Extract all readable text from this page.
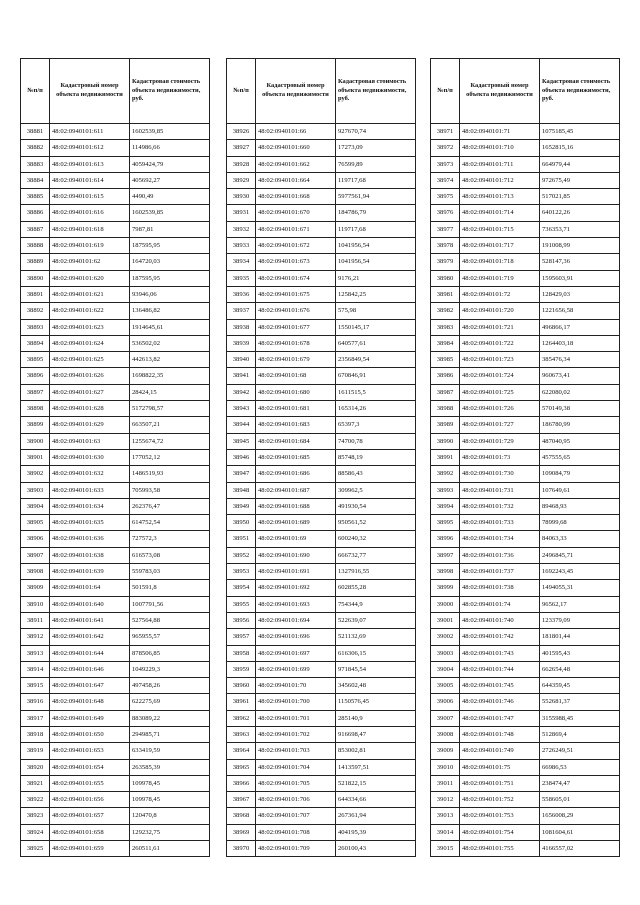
№п/п	Кадастровый номер объекта недвижимости	Кадастровая стоимость объекта недвижимости, руб.
38881	48:02:0940101:611	1602539,85
38882	48:02:0940101:612	114986,66
38883	48:02:0940101:613	4059424,79
38884	48:02:0940101:614	405692,27
38885	48:02:0940101:615	4490,49
38886	48:02:0940101:616	1602539,85
38887	48:02:0940101:618	7987,81
38888	48:02:0940101:619	187595,95
38889	48:02:0940101:62	164720,03
38890	48:02:0940101:620	187595,95
38891	48:02:0940101:621	93946,06
38892	48:02:0940101:622	136486,82
38893	48:02:0940101:623	1914645,61
38894	48:02:0940101:624	536502,02
38895	48:02:0940101:625	442613,82
38896	48:02:0940101:626	1698822,35
38897	48:02:0940101:627	28424,15
38898	48:02:0940101:628	5172798,57
38899	48:02:0940101:629	663507,21
38900	48:02:0940101:63	1255674,72
38901	48:02:0940101:630	177052,12
38902	48:02:0940101:632	1486519,93
38903	48:02:0940101:633	705993,58
38904	48:02:0940101:634	262376,47
38905	48:02:0940101:635	614752,54
38906	48:02:0940101:636	727572,3
38907	48:02:0940101:638	616573,08
38908	48:02:0940101:639	559783,03
38909	48:02:0940101:64	501591,8
38910	48:02:0940101:640	1007791,56
38911	48:02:0940101:641	527564,88
38912	48:02:0940101:642	965955,57
38913	48:02:0940101:644	878506,85
38914	48:02:0940101:646	1049229,3
38915	48:02:0940101:647	497458,26
38916	48:02:0940101:648	622275,69
38917	48:02:0940101:649	883089,22
38918	48:02:0940101:650	294985,71
38919	48:02:0940101:653	633419,59
38920	48:02:0940101:654	263585,39
38921	48:02:0940101:655	109978,45
38922	48:02:0940101:656	109978,45
38923	48:02:0940101:657	120470,8
38924	48:02:0940101:658	129232,75
38925	48:02:0940101:659	260511,61
№п/п	Кадастровый номер объекта недвижимости	Кадастровая стоимость объекта недвижимости, руб.
38926	48:02:0940101:66	927670,74
38927	48:02:0940101:660	17273,09
38928	48:02:0940101:662	76599,89
38929	48:02:0940101:664	119717,68
38930	48:02:0940101:668	5977561,94
38931	48:02:0940101:670	184786,79
38932	48:02:0940101:671	119717,68
38933	48:02:0940101:672	1041956,54
38934	48:02:0940101:673	1041956,54
38935	48:02:0940101:674	9176,21
38936	48:02:0940101:675	125842,25
38937	48:02:0940101:676	575,98
38938	48:02:0940101:677	1550145,17
38939	48:02:0940101:678	640577,61
38940	48:02:0940101:679	2356849,54
38941	48:02:0940101:68	670846,91
38942	48:02:0940101:680	1611515,5
38943	48:02:0940101:681	165314,26
38944	48:02:0940101:683	65397,3
38945	48:02:0940101:684	74700,78
38946	48:02:0940101:685	85748,19
38947	48:02:0940101:686	88586,43
38948	48:02:0940101:687	309962,5
38949	48:02:0940101:688	491930,54
38950	48:02:0940101:689	950561,52
38951	48:02:0940101:69	600240,32
38952	48:02:0940101:690	666732,77
38953	48:02:0940101:691	1327916,55
38954	48:02:0940101:692	602855,28
38955	48:02:0940101:693	754344,9
38956	48:02:0940101:694	522639,07
38957	48:02:0940101:696	521132,69
38958	48:02:0940101:697	616306,15
38959	48:02:0940101:699	971845,54
38960	48:02:0940101:70	345602,48
38961	48:02:0940101:700	1150576,45
38962	48:02:0940101:701	285140,9
38963	48:02:0940101:702	916698,47
38964	48:02:0940101:703	853002,81
38965	48:02:0940101:704	1413597,51
38966	48:02:0940101:705	521822,15
38967	48:02:0940101:706	644334,66
38968	48:02:0940101:707	267361,94
38969	48:02:0940101:708	404195,39
38970	48:02:0940101:709	260100,43
№п/п	Кадастровый номер объекта недвижимости	Кадастровая стоимость объекта недвижимости, руб.
38971	48:02:0940101:71	1075185,45
38972	48:02:0940101:710	1652815,16
38973	48:02:0940101:711	664979,44
38974	48:02:0940101:712	972675,49
38975	48:02:0940101:713	517021,85
38976	48:02:0940101:714	640122,26
38977	48:02:0940101:715	736353,71
38978	48:02:0940101:717	191008,99
38979	48:02:0940101:718	528147,36
38980	48:02:0940101:719	1595603,91
38981	48:02:0940101:72	128429,03
38982	48:02:0940101:720	1221656,58
38983	48:02:0940101:721	496866,17
38984	48:02:0940101:722	1264403,18
38985	48:02:0940101:723	385476,34
38986	48:02:0940101:724	960673,41
38987	48:02:0940101:725	622080,02
38988	48:02:0940101:726	570149,38
38989	48:02:0940101:727	186780,99
38990	48:02:0940101:729	487040,95
38991	48:02:0940101:73	457555,65
38992	48:02:0940101:730	109084,79
38993	48:02:0940101:731	107649,61
38994	48:02:0940101:732	89468,93
38995	48:02:0940101:733	78999,68
38996	48:02:0940101:734	84063,33
38997	48:02:0940101:736	2496845,71
38998	48:02:0940101:737	1692243,45
38999	48:02:0940101:738	1494055,31
39000	48:02:0940101:74	96562,17
39001	48:02:0940101:740	123379,09
39002	48:02:0940101:742	181801,44
39003	48:02:0940101:743	401595,43
39004	48:02:0940101:744	662654,48
39005	48:02:0940101:745	644359,45
39006	48:02:0940101:746	552681,37
39007	48:02:0940101:747	3155988,45
39008	48:02:0940101:748	512869,4
39009	48:02:0940101:749	2726249,51
39010	48:02:0940101:75	66986,53
39011	48:02:0940101:751	238474,47
39012	48:02:0940101:752	558605,01
39013	48:02:0940101:753	1656008,29
39014	48:02:0940101:754	1081604,61
39015	48:02:0940101:755	4166557,02
